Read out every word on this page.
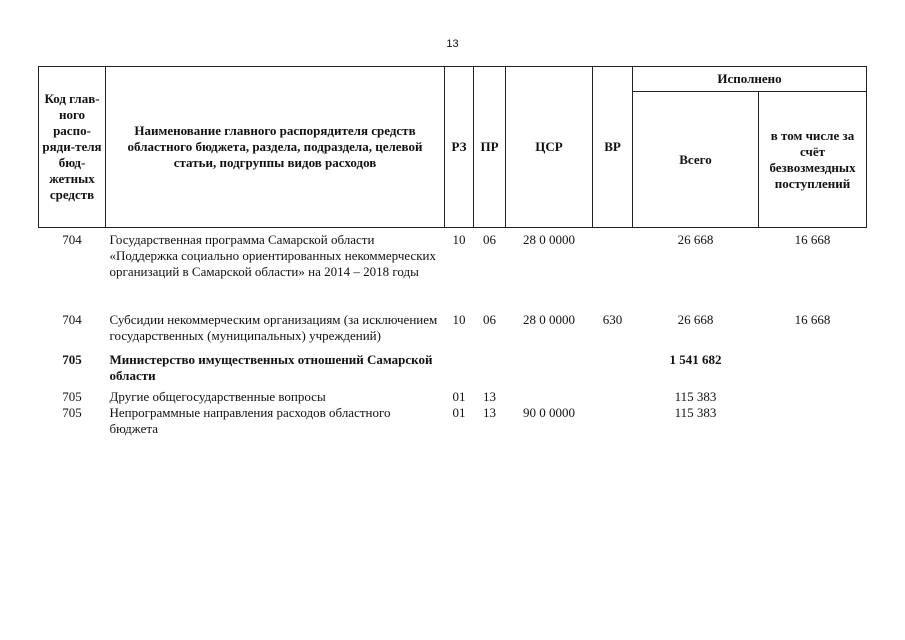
13
Код глав-ного распо-ряди-теля бюд-жетных средств	Наименование главного распорядителя средств областного бюджета, раздела, подраздела, целевой статьи, подгруппы видов расходов	РЗ	ПР	ЦСР	ВР	Исполнено	
						Всего	в том числе за счёт безвозмездных поступлений
704	Государственная программа Самарской области «Поддержка социально ориентированных некоммерческих организаций в Самарской области» на 2014 – 2018 годы	10	06	28 0 0000		26 668	16 668
704	Субсидии некоммерческим организациям (за исключением государственных (муниципальных) учреждений)	10	06	28 0 0000	630	26 668	16 668
705	Министерство имущественных отношений Самарской области					1 541 682	
705	Другие общегосударственные вопросы	01	13			115 383	
705	Непрограммные направления расходов областного бюджета	01	13	90 0 0000		115 383	
